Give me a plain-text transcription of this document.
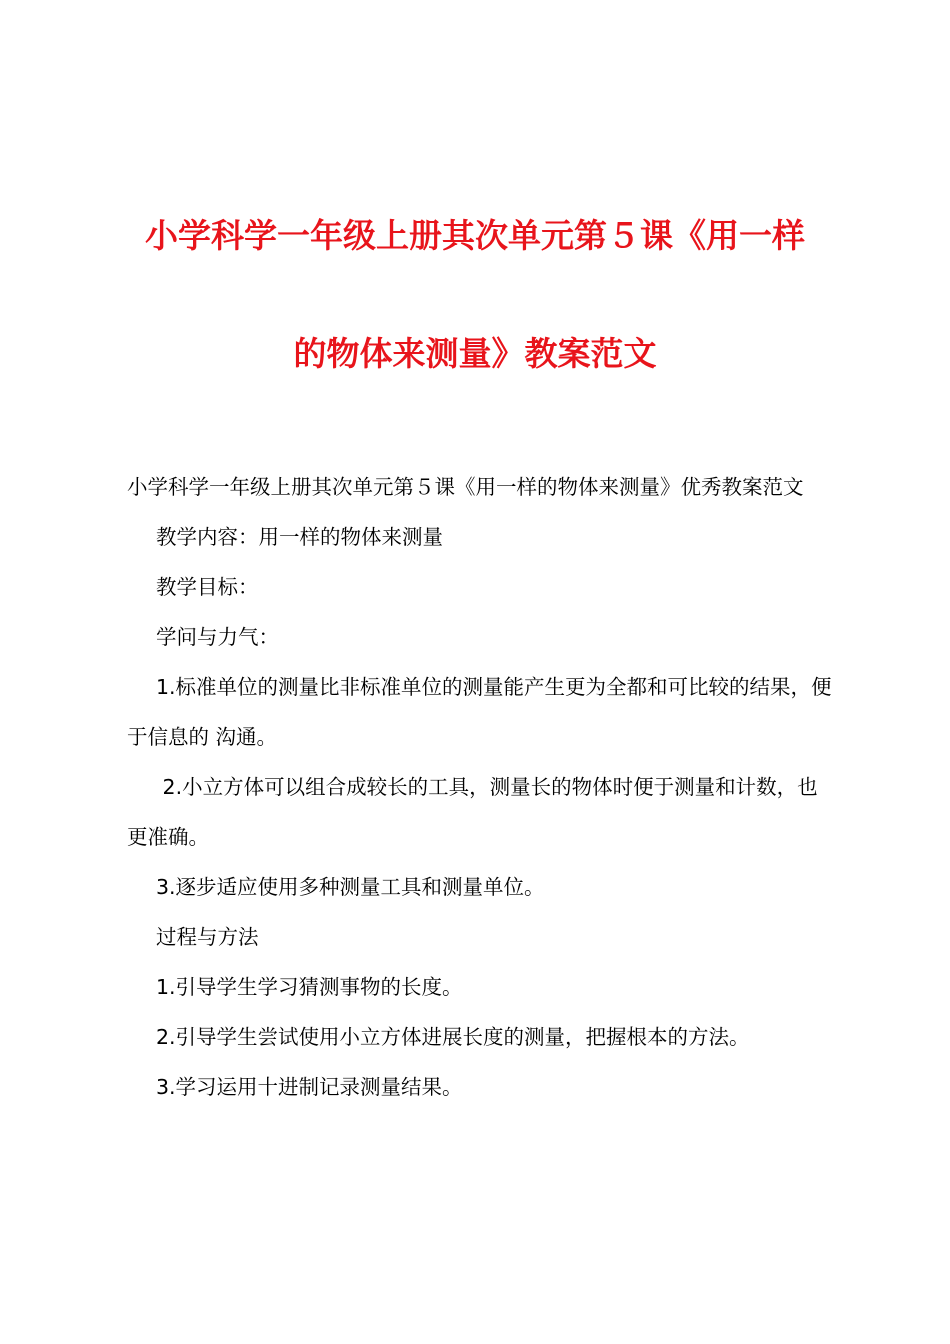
小学科学一年级上册其次单元第５课《用一样
的物体来测量》教案范文

小学科学一年级上册其次单元第５课《用一样的物体来测量》优秀教案范文

教学内容：用一样的物体来测量

教学目标：

学问与力气：

1.标准单位的测量比非标准单位的测量能产生更为全都和可比较的结果，便于信息的 沟通。

2.小立方体可以组合成较长的工具，测量长的物体时便于测量和计数，也更准确。

3.逐步适应使用多种测量工具和测量单位。

过程与方法

1.引导学生学习猜测事物的长度。

2.引导学生尝试使用小立方体进展长度的测量，把握根本的方法。

3.学习运用十进制记录测量结果。
